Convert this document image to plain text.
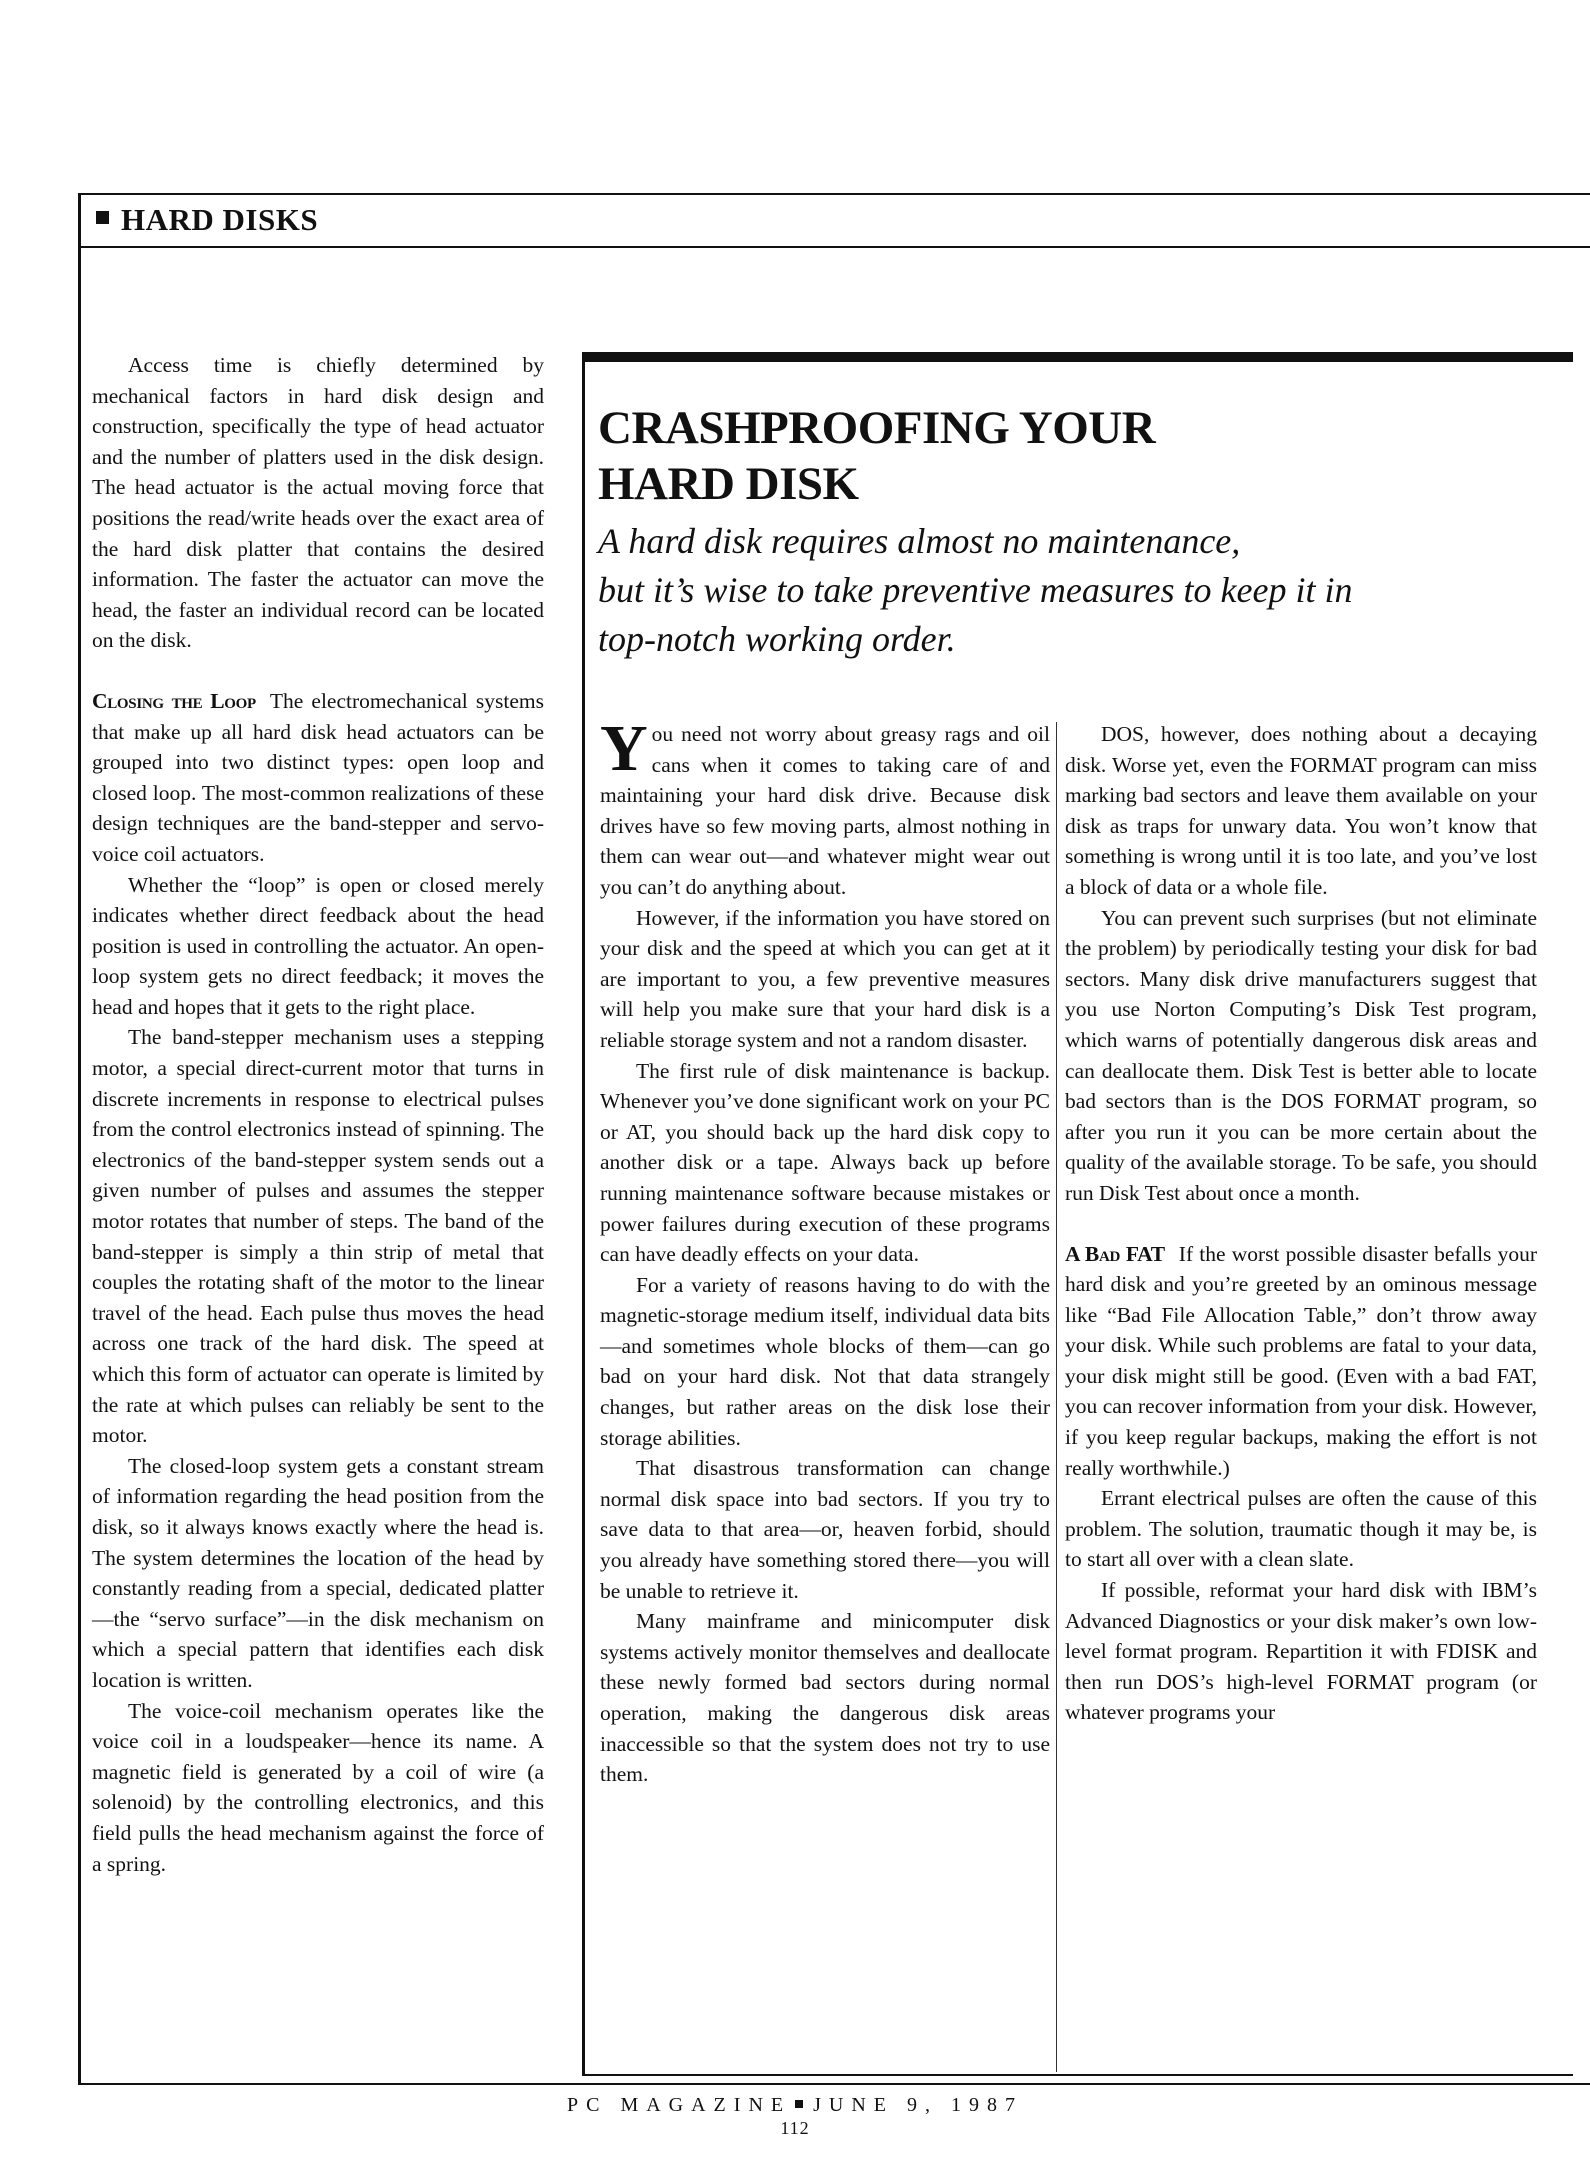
HARD DISKS

Access time is chiefly determined by mechanical factors in hard disk design and construction, specifically the type of head actuator and the number of platters used in the disk design. The head actuator is the actual moving force that positions the read/write heads over the exact area of the hard disk platter that contains the desired information. The faster the actuator can move the head, the faster an individual record can be located on the disk.

Closing the Loop The electromechanical systems that make up all hard disk head actuators can be grouped into two distinct types: open loop and closed loop. The most-common realizations of these design techniques are the band-stepper and servo-voice coil actuators.

Whether the “loop” is open or closed merely indicates whether direct feedback about the head position is used in controlling the actuator. An open-loop system gets no direct feedback; it moves the head and hopes that it gets to the right place.

The band-stepper mechanism uses a stepping motor, a special direct-current motor that turns in discrete increments in response to electrical pulses from the control electronics instead of spinning. The electronics of the band-stepper system sends out a given number of pulses and assumes the stepper motor rotates that number of steps. The band of the band-stepper is simply a thin strip of metal that couples the rotating shaft of the motor to the linear travel of the head. Each pulse thus moves the head across one track of the hard disk. The speed at which this form of actuator can operate is limited by the rate at which pulses can reliably be sent to the motor.

The closed-loop system gets a constant stream of information regarding the head position from the disk, so it always knows exactly where the head is. The system determines the location of the head by constantly reading from a special, dedicated platter—the “servo surface”—in the disk mechanism on which a special pattern that identifies each disk location is written.

The voice-coil mechanism operates like the voice coil in a loudspeaker—hence its name. A magnetic field is generated by a coil of wire (a solenoid) by the controlling electronics, and this field pulls the head mechanism against the force of a spring.

CRASHPROOFING YOUR
HARD DISK

A hard disk requires almost no maintenance,
but it’s wise to take preventive measures to keep it in
top-notch working order.

You need not worry about greasy rags and oil cans when it comes to taking care of and maintaining your hard disk drive. Because disk drives have so few moving parts, almost nothing in them can wear out—and whatever might wear out you can’t do anything about.

However, if the information you have stored on your disk and the speed at which you can get at it are important to you, a few preventive measures will help you make sure that your hard disk is a reliable storage system and not a random disaster.

The first rule of disk maintenance is backup. Whenever you’ve done significant work on your PC or AT, you should back up the hard disk copy to another disk or a tape. Always back up before running maintenance software because mistakes or power failures during execution of these programs can have deadly effects on your data.

For a variety of reasons having to do with the magnetic-storage medium itself, individual data bits—and sometimes whole blocks of them—can go bad on your hard disk. Not that data strangely changes, but rather areas on the disk lose their storage abilities.

That disastrous transformation can change normal disk space into bad sectors. If you try to save data to that area—or, heaven forbid, should you already have something stored there—you will be unable to retrieve it.

Many mainframe and minicomputer disk systems actively monitor themselves and deallocate these newly formed bad sectors during normal operation, making the dangerous disk areas inaccessible so that the system does not try to use them.

DOS, however, does nothing about a decaying disk. Worse yet, even the FORMAT program can miss marking bad sectors and leave them available on your disk as traps for unwary data. You won’t know that something is wrong until it is too late, and you’ve lost a block of data or a whole file.

You can prevent such surprises (but not eliminate the problem) by periodically testing your disk for bad sectors. Many disk drive manufacturers suggest that you use Norton Computing’s Disk Test program, which warns of potentially dangerous disk areas and can deallocate them. Disk Test is better able to locate bad sectors than is the DOS FORMAT program, so after you run it you can be more certain about the quality of the available storage. To be safe, you should run Disk Test about once a month.

A Bad FAT If the worst possible disaster befalls your hard disk and you’re greeted by an ominous message like “Bad File Allocation Table,” don’t throw away your disk. While such problems are fatal to your data, your disk might still be good. (Even with a bad FAT, you can recover information from your disk. However, if you keep regular backups, making the effort is not really worthwhile.)

Errant electrical pulses are often the cause of this problem. The solution, traumatic though it may be, is to start all over with a clean slate.

If possible, reformat your hard disk with IBM’s Advanced Diagnostics or your disk maker’s own low-level format program. Repartition it with FDISK and then run DOS’s high-level FORMAT program (or whatever programs your

PC MAGAZINE JUNE 9, 1987
112
